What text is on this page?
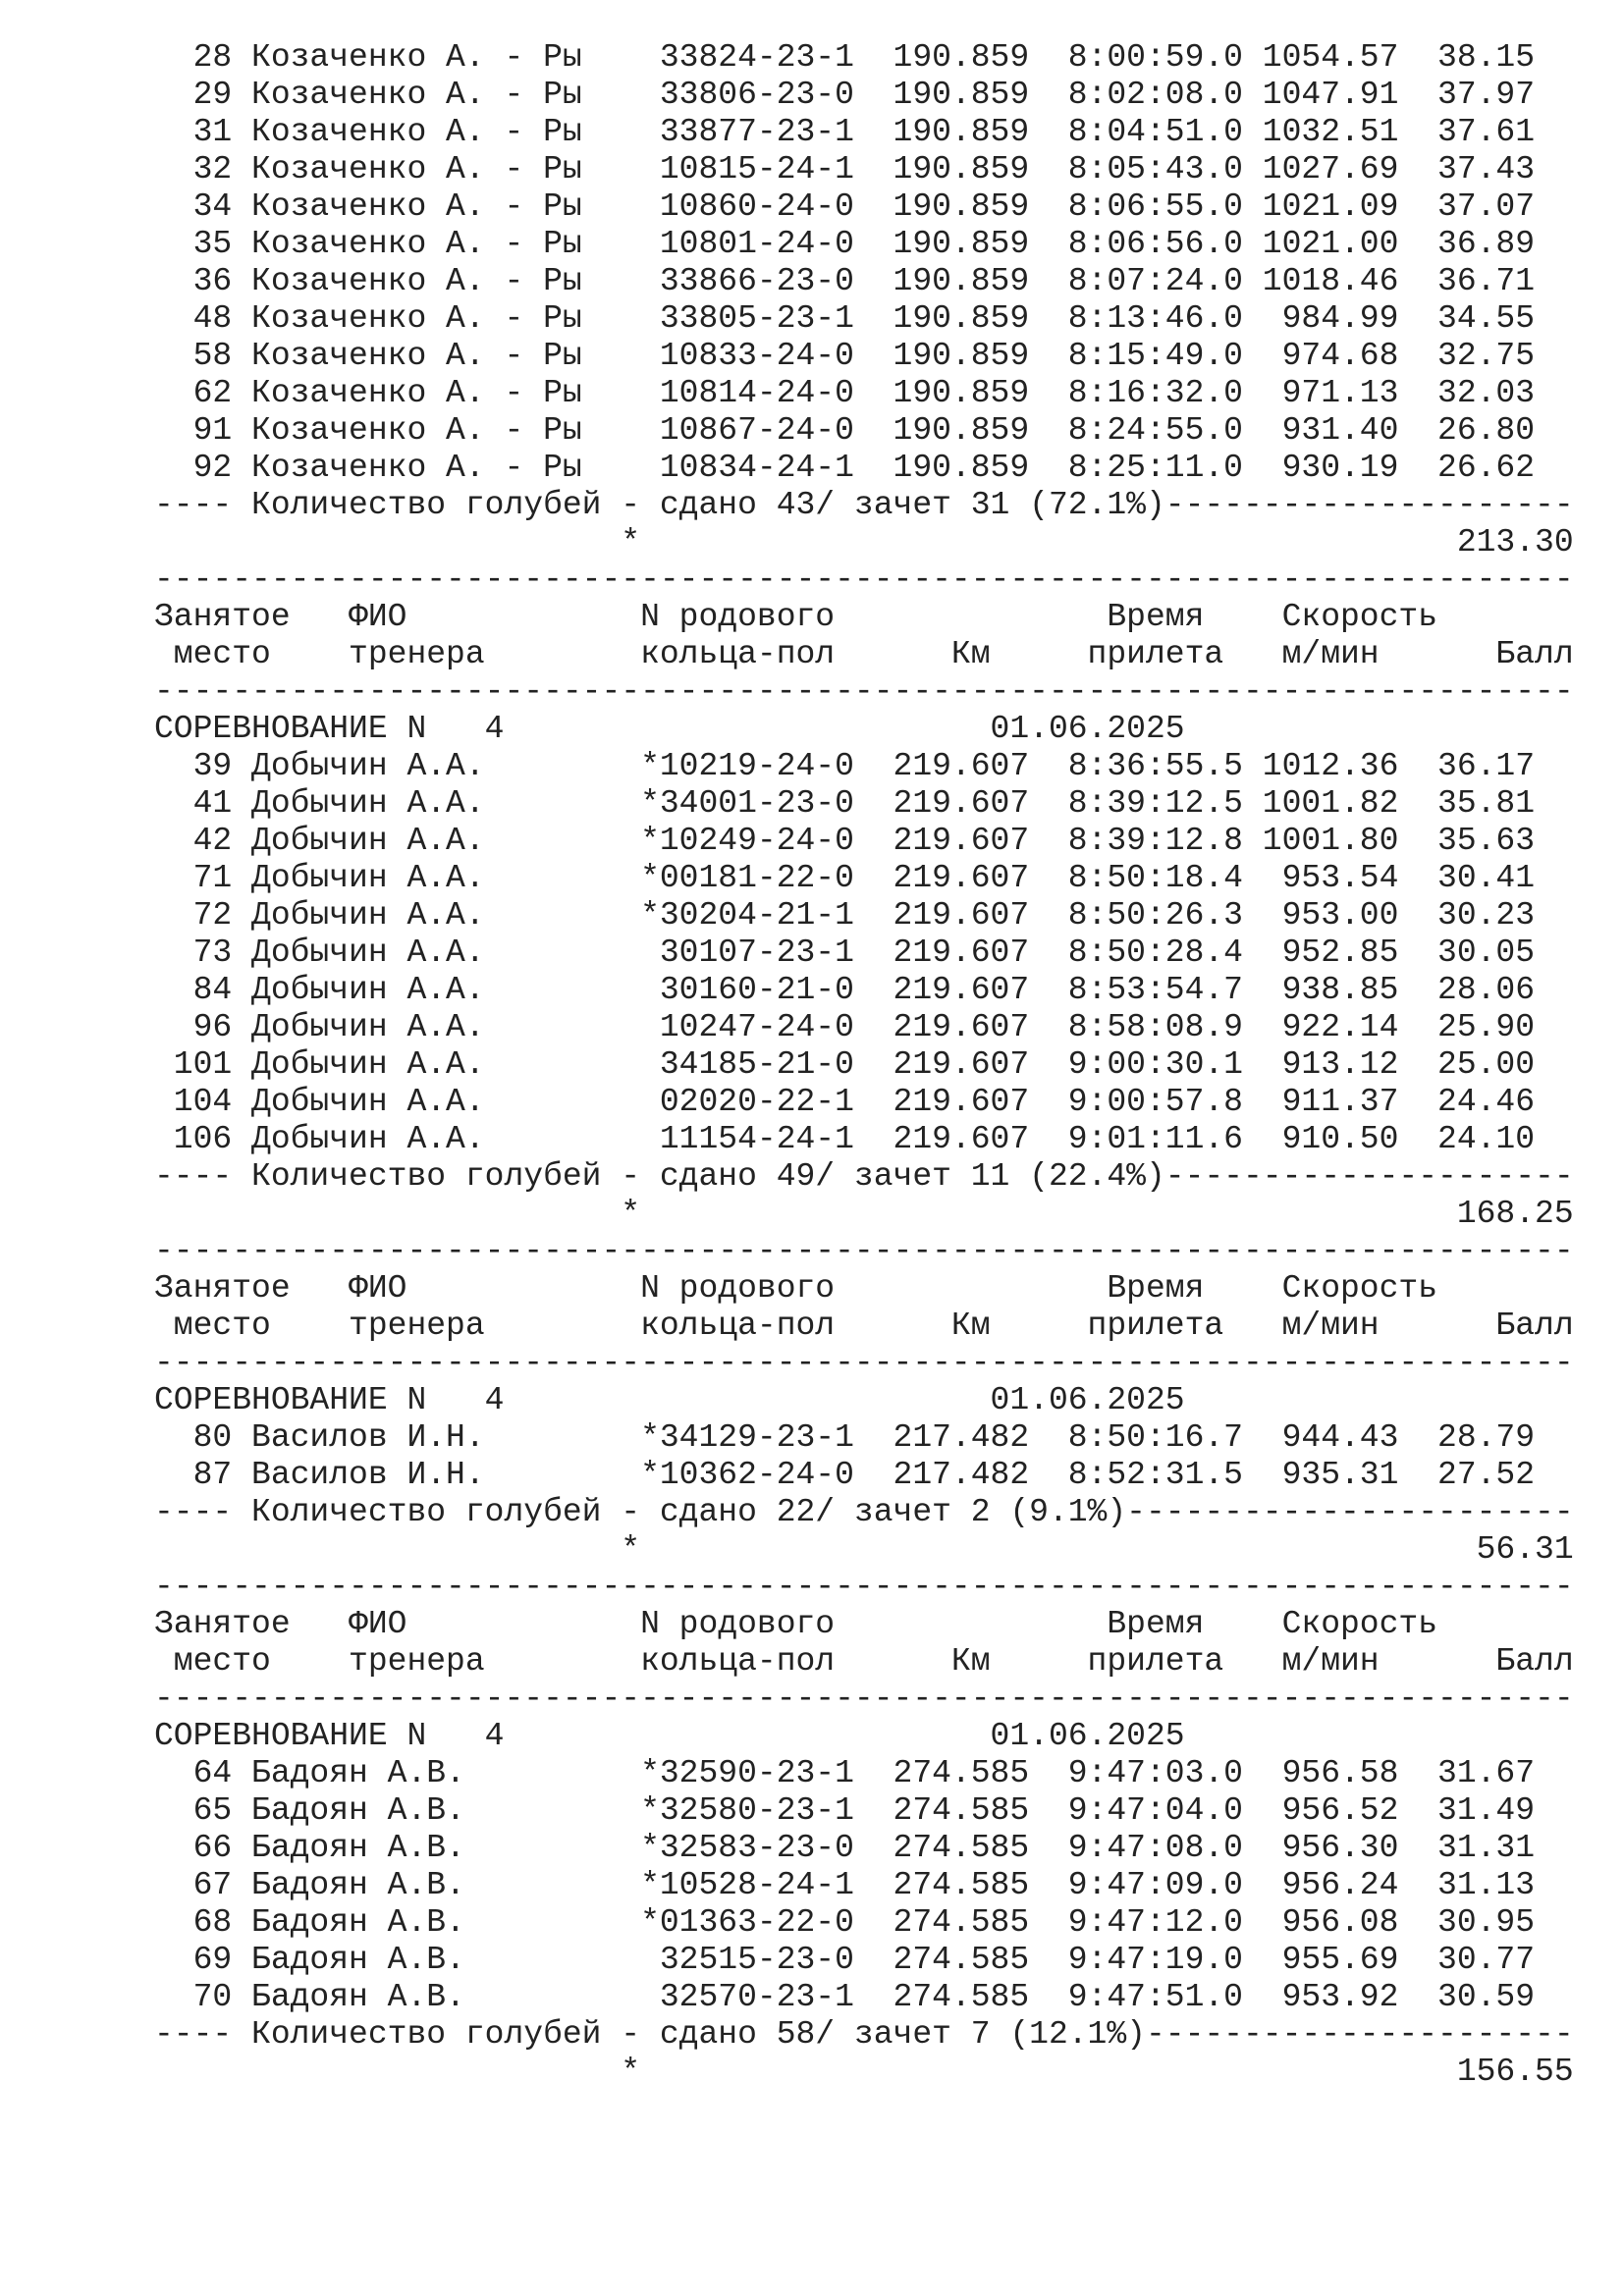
28 Козаченко А. - Ры    33824-23-1  190.859  8:00:59.0 1054.57  38.15
29 Козаченко А. - Ры    33806-23-0  190.859  8:02:08.0 1047.91  37.97
31 Козаченко А. - Ры    33877-23-1  190.859  8:04:51.0 1032.51  37.61
32 Козаченко А. - Ры    10815-24-1  190.859  8:05:43.0 1027.69  37.43
34 Козаченко А. - Ры    10860-24-0  190.859  8:06:55.0 1021.09  37.07
35 Козаченко А. - Ры    10801-24-0  190.859  8:06:56.0 1021.00  36.89
36 Козаченко А. - Ры    33866-23-0  190.859  8:07:24.0 1018.46  36.71
48 Козаченко А. - Ры    33805-23-1  190.859  8:13:46.0  984.99  34.55
58 Козаченко А. - Ры    10833-24-0  190.859  8:15:49.0  974.68  32.75
62 Козаченко А. - Ры    10814-24-0  190.859  8:16:32.0  971.13  32.03
91 Козаченко А. - Ры    10867-24-0  190.859  8:24:55.0  931.40  26.80
92 Козаченко А. - Ры    10834-24-1  190.859  8:25:11.0  930.19  26.62
---- Количество голубей - сдано 43/ зачет 31 (72.1%)---------------------
*                                          213.30
-------------------------------------------------------------------------
Занятое   ФИО            N родового              Время    Скорость
место    тренера        кольца-пол      Км     прилета   м/мин      Балл
-------------------------------------------------------------------------
СОРЕВНОВАНИЕ N   4                         01.06.2025
39 Добычин А.А.        *10219-24-0  219.607  8:36:55.5 1012.36  36.17
41 Добычин А.А.        *34001-23-0  219.607  8:39:12.5 1001.82  35.81
42 Добычин А.А.        *10249-24-0  219.607  8:39:12.8 1001.80  35.63
71 Добычин А.А.        *00181-22-0  219.607  8:50:18.4  953.54  30.41
72 Добычин А.А.        *30204-21-1  219.607  8:50:26.3  953.00  30.23
73 Добычин А.А.         30107-23-1  219.607  8:50:28.4  952.85  30.05
84 Добычин А.А.         30160-21-0  219.607  8:53:54.7  938.85  28.06
96 Добычин А.А.         10247-24-0  219.607  8:58:08.9  922.14  25.90
101 Добычин А.А.         34185-21-0  219.607  9:00:30.1  913.12  25.00
104 Добычин А.А.         02020-22-1  219.607  9:00:57.8  911.37  24.46
106 Добычин А.А.         11154-24-1  219.607  9:01:11.6  910.50  24.10
---- Количество голубей - сдано 49/ зачет 11 (22.4%)---------------------
*                                          168.25
-------------------------------------------------------------------------
Занятое   ФИО            N родового              Время    Скорость
место    тренера        кольца-пол      Км     прилета   м/мин      Балл
-------------------------------------------------------------------------
СОРЕВНОВАНИЕ N   4                         01.06.2025
80 Василов И.Н.        *34129-23-1  217.482  8:50:16.7  944.43  28.79
87 Василов И.Н.        *10362-24-0  217.482  8:52:31.5  935.31  27.52
---- Количество голубей - сдано 22/ зачет 2 (9.1%)-----------------------
*                                           56.31
-------------------------------------------------------------------------
Занятое   ФИО            N родового              Время    Скорость
место    тренера        кольца-пол      Км     прилета   м/мин      Балл
-------------------------------------------------------------------------
СОРЕВНОВАНИЕ N   4                         01.06.2025
64 Бадоян А.В.         *32590-23-1  274.585  9:47:03.0  956.58  31.67
65 Бадоян А.В.         *32580-23-1  274.585  9:47:04.0  956.52  31.49
66 Бадоян А.В.         *32583-23-0  274.585  9:47:08.0  956.30  31.31
67 Бадоян А.В.         *10528-24-1  274.585  9:47:09.0  956.24  31.13
68 Бадоян А.В.         *01363-22-0  274.585  9:47:12.0  956.08  30.95
69 Бадоян А.В.          32515-23-0  274.585  9:47:19.0  955.69  30.77
70 Бадоян А.В.          32570-23-1  274.585  9:47:51.0  953.92  30.59
---- Количество голубей - сдано 58/ зачет 7 (12.1%)----------------------
*                                          156.55
